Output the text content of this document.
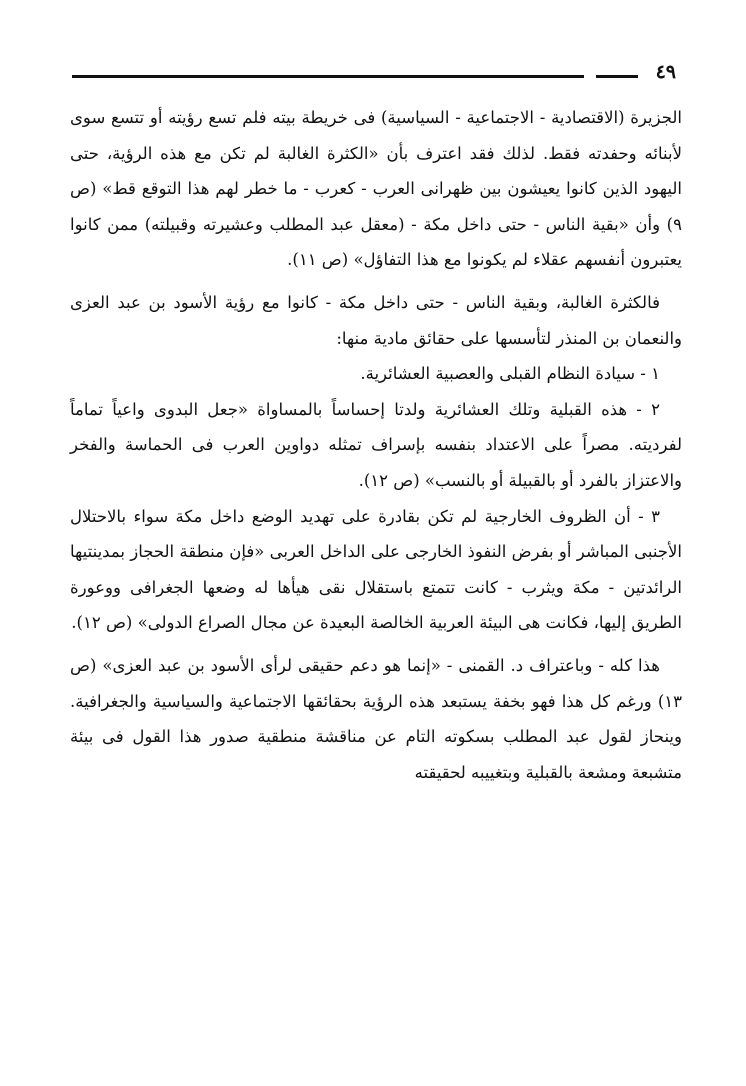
٤٩

الجزيرة (الاقتصادية - الاجتماعية - السياسية) فى خريطة بيته فلم تسع رؤيته أو تتسع سوى لأبنائه وحفدته فقط. لذلك فقد اعترف بأن «الكثرة الغالبة لم تكن مع هذه الرؤية، حتى اليهود الذين كانوا يعيشون بين ظهرانى العرب - كعرب - ما خطر لهم هذا التوقع قط» (ص ٩) وأن «بقية الناس - حتى داخل مكة - (معقل عبد المطلب وعشيرته وقبيلته) ممن كانوا يعتبرون أنفسهم عقلاء لم يكونوا مع هذا التفاؤل» (ص ١١).

فالكثرة الغالبة، وبقية الناس - حتى داخل مكة - كانوا مع رؤية الأسود بن عبد العزى والنعمان بن المنذر لتأسسها على حقائق مادية منها:

١ - سيادة النظام القبلى والعصبية العشائرية.

٢ - هذه القبلية وتلك العشائرية ولدتا إحساساً بالمساواة «جعل البدوى واعياً تماماً لفرديته. مصراً على الاعتداد بنفسه بإسراف تمثله دواوين العرب فى الحماسة والفخر والاعتزاز بالفرد أو بالقبيلة أو بالنسب» (ص ١٢).

٣ - أن الظروف الخارجية لم تكن بقادرة على تهديد الوضع داخل مكة سواء بالاحتلال الأجنبى المباشر أو بفرض النفوذ الخارجى على الداخل العربى «فإن منطقة الحجاز بمدينتيها الرائدتين - مكة ويثرب - كانت تتمتع باستقلال نقى هيأها له وضعها الجغرافى ووعورة الطريق إليها، فكانت هى البيئة العربية الخالصة البعيدة عن مجال الصراع الدولى» (ص ١٢).

هذا كله - وباعتراف د. القمنى - «إنما هو دعم حقيقى لرأى الأسود بن عبد العزى» (ص ١٣) ورغم كل هذا فهو بخفة يستبعد هذه الرؤية بحقائقها الاجتماعية والسياسية والجغرافية. وينحاز لقول عبد المطلب بسكوته التام عن مناقشة منطقية صدور هذا القول فى بيئة متشبعة ومشعة بالقبلية وبتغييبه لحقيقته
